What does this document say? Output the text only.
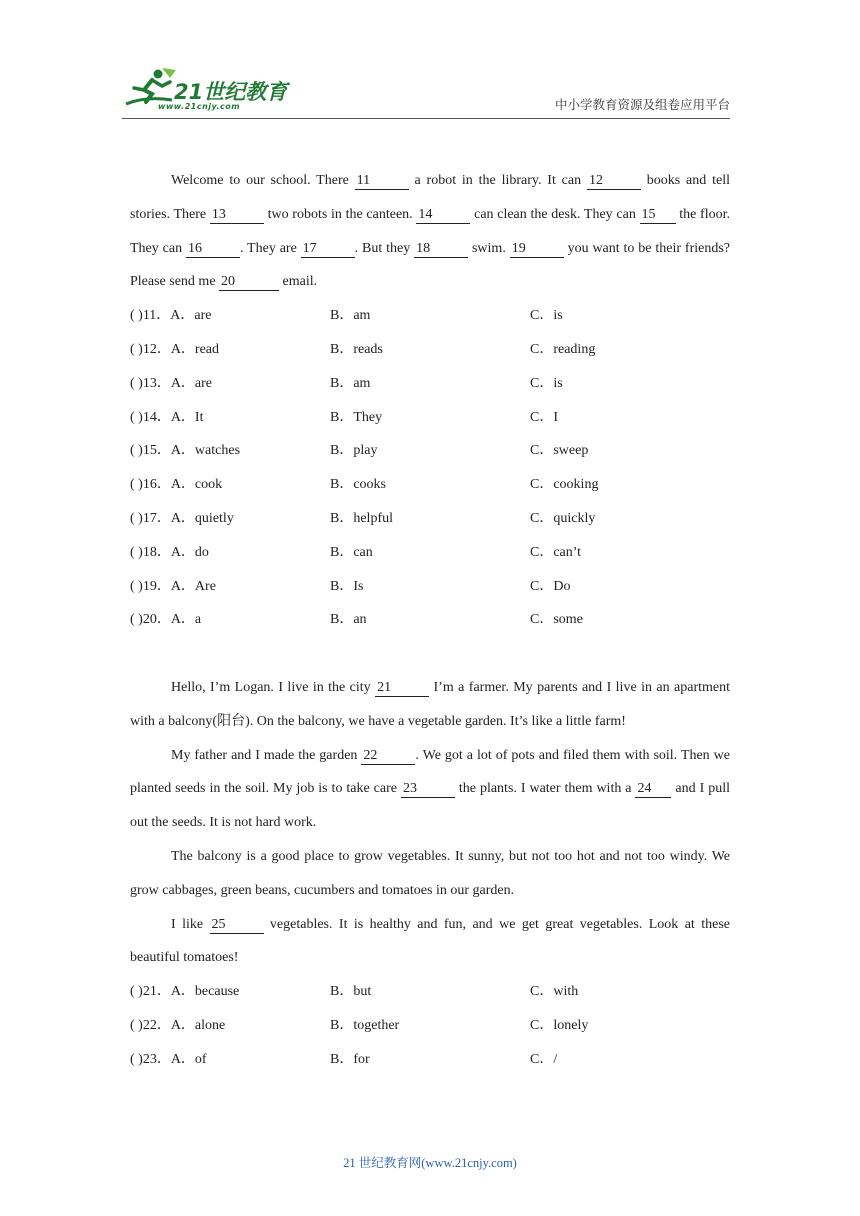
21世纪教育
www.21cnjy.com	中小学教育资源及组卷应用平台

Welcome to our school. There 11	a robot in the library. It can 12	books and tell stories. There 13	two robots in the canteen. 14	can clean the desk. They can 15 the floor. They can 16	. They are 17	. But they 18	swim. 19	you want to be their friends? Please send me 20	email.

( )11．A．are	B．am	C．is
( )12．A．read	B．reads	C．reading
( )13．A．are	B．am	C．is
( )14．A．It	B．They	C．I
( )15．A．watches	B．play	C．sweep
( )16．A．cook	B．cooks	C．cooking
( )17．A．quietly	B．helpful	C．quickly
( )18．A．do	B．can	C．can’t
( )19．A．Are	B．Is	C．Do
( )20．A．a	B．an	C．some

Hello, I’m Logan. I live in the city 21	I’m a farmer. My parents and I live in an apartment with a balcony(阳台). On the balcony, we have a vegetable garden. It’s like a little farm!

My father and I made the garden 22	. We got a lot of pots and filed them with soil. Then we planted seeds in the soil. My job is to take care 23	the plants. I water them with a 24 and I pull out the seeds. It is not hard work.

The balcony is a good place to grow vegetables. It sunny, but not too hot and not too windy. We grow cabbages, green beans, cucumbers and tomatoes in our garden.

I like 25	vegetables. It is healthy and fun, and we get great vegetables. Look at these beautiful tomatoes!

( )21．A．because	B．but	C．with
( )22．A．alone	B．together	C．lonely
( )23．A．of	B．for	C．/
21 世纪教育网(www.21cnjy.com)
